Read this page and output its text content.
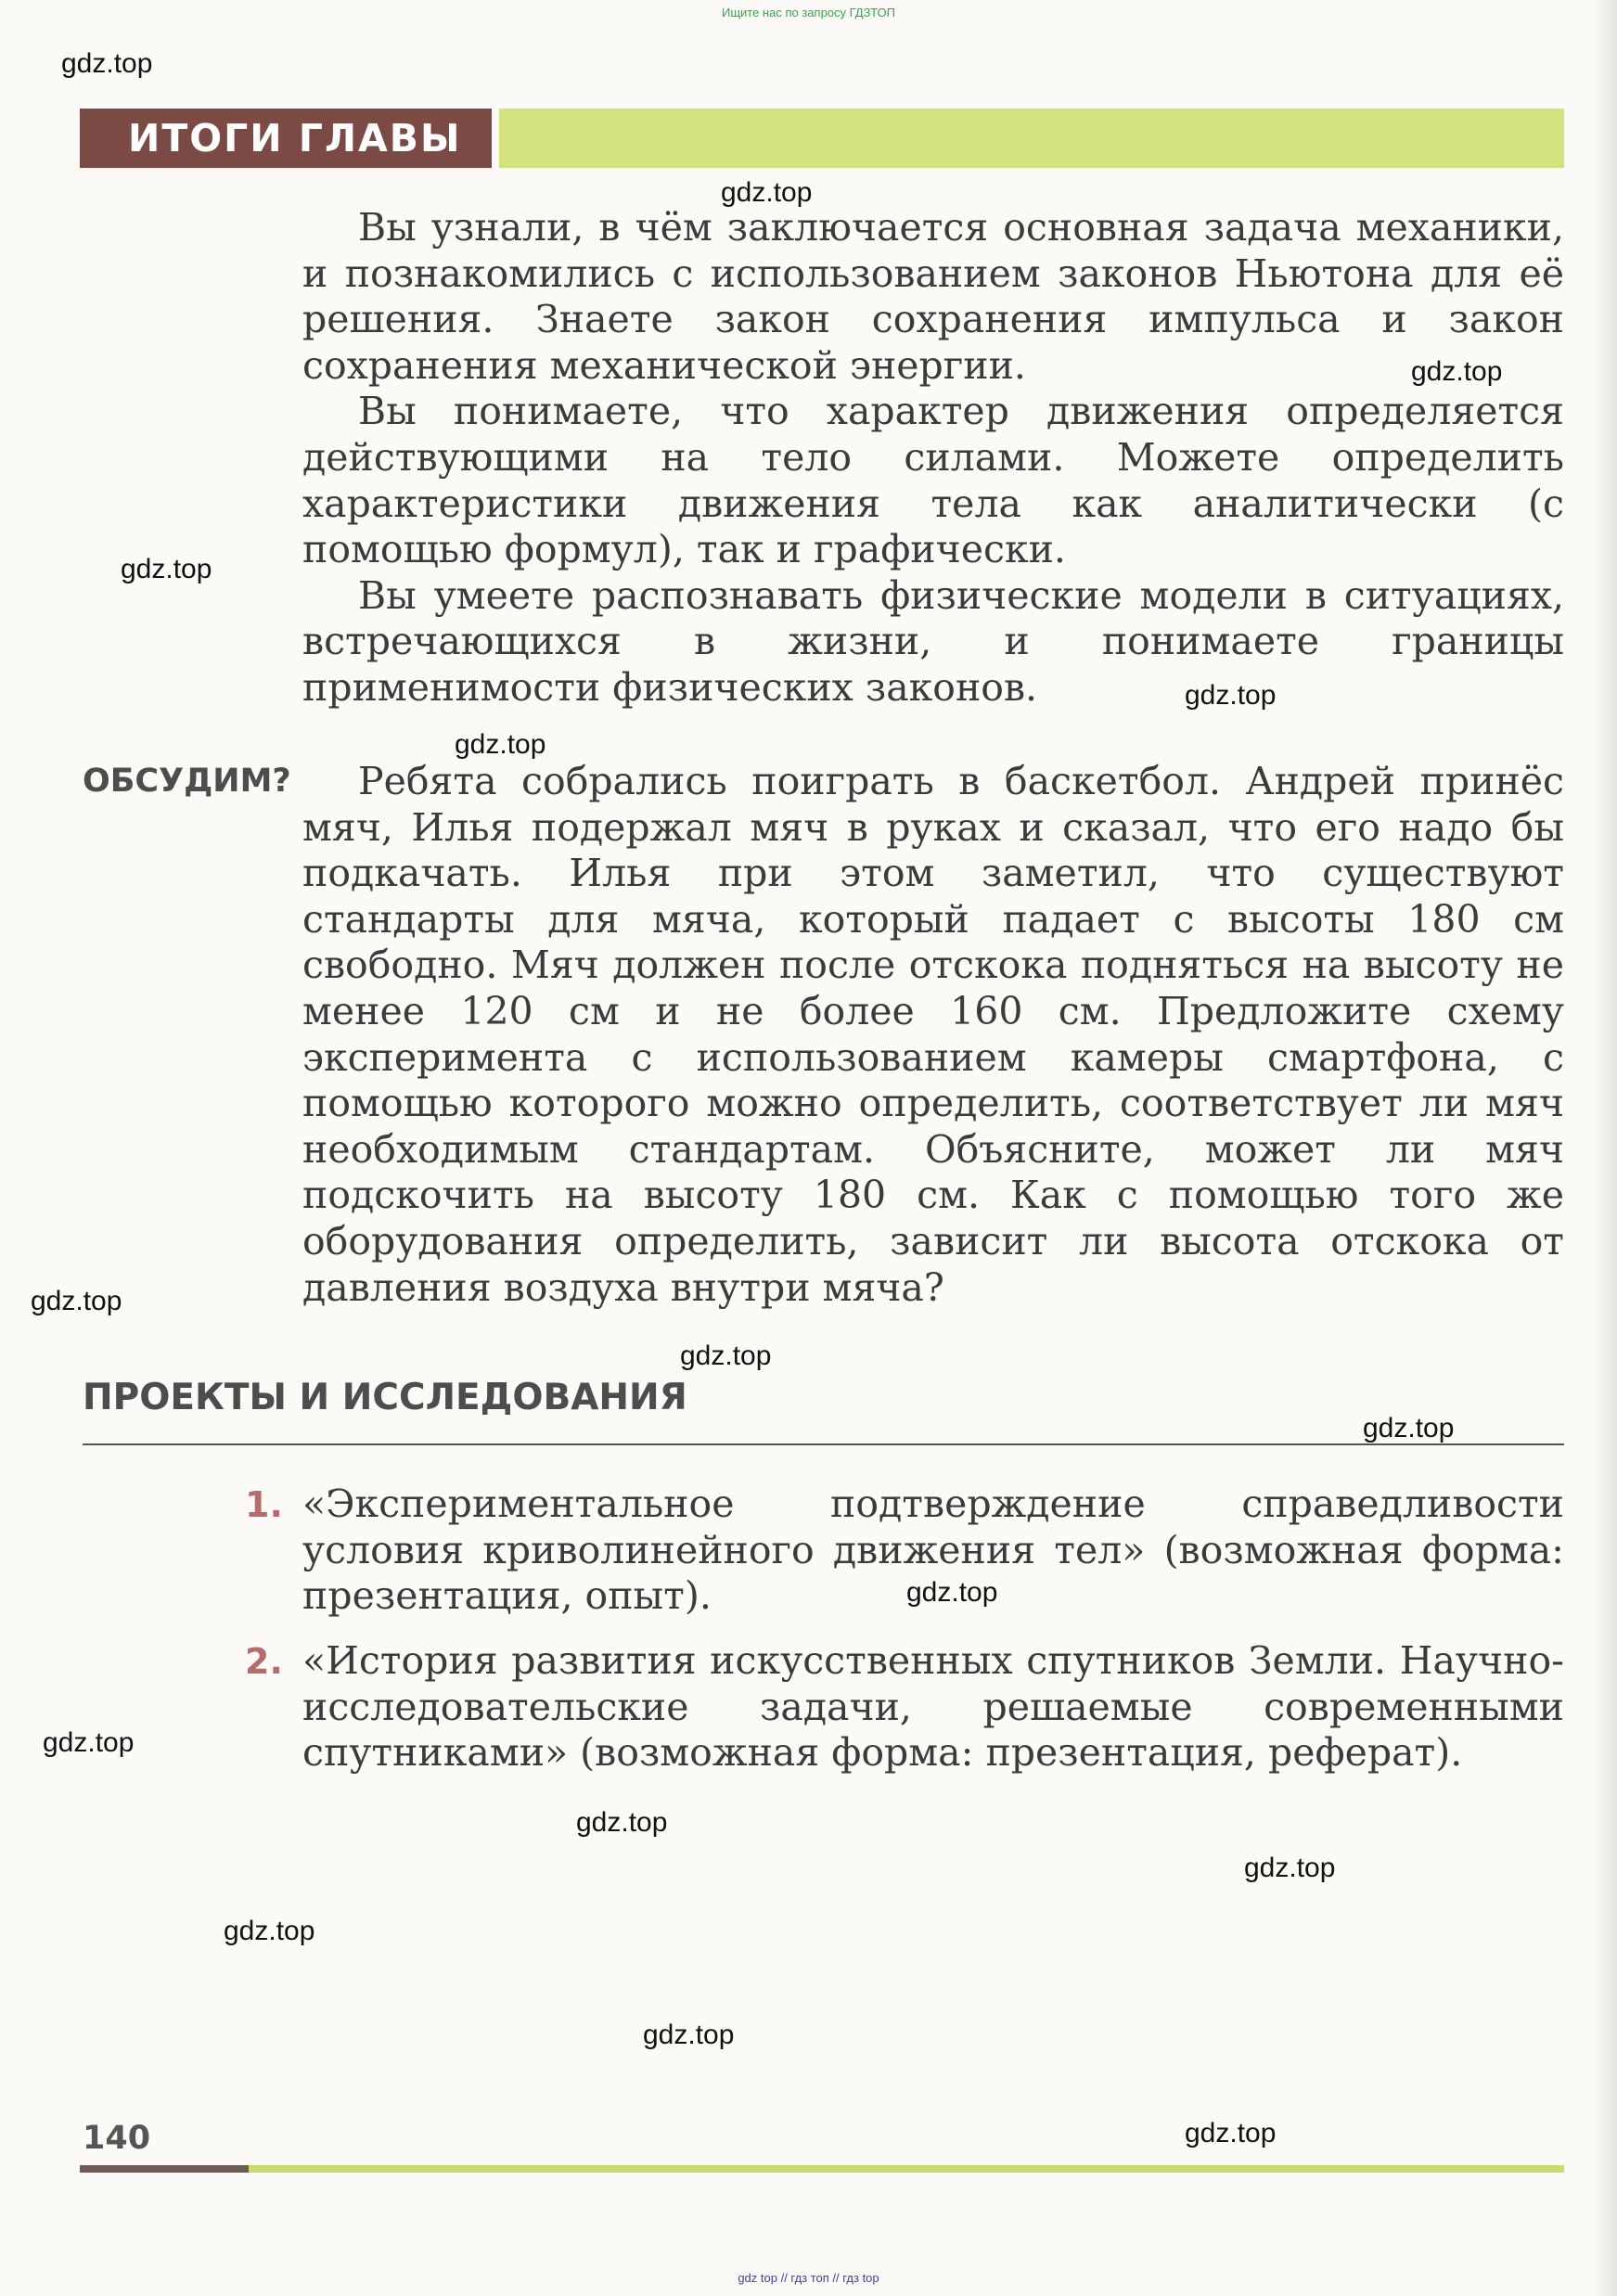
Ищите нас по запросу ГДЗТОП
ИТОГИ ГЛАВЫ

Вы узнали, в чём заключается основная задача механики, и познакомились с использованием законов Ньютона для её решения. Знаете закон сохранения импульса и закон сохранения механической энергии.

Вы понимаете, что характер движения определяется действующими на тело силами. Можете определить характеристики движения тела как аналитически (с помощью формул), так и графически.

Вы умеете распознавать физические модели в ситуациях, встречающихся в жизни, и понимаете границы применимости физических законов.

ОБСУДИМ?	Ребята собрались поиграть в баскетбол. Андрей принёс мяч, Илья подержал мяч в руках и сказал, что его надо бы подкачать. Илья при этом заметил, что существуют стандарты для мяча, который падает с высоты 180 см свободно. Мяч должен после отскока подняться на высоту не менее 120 см и не более 160 см. Предложите схему эксперимента с использованием камеры смартфона, с помощью которого можно определить, соответствует ли мяч необходимым стандартам. Объясните, может ли мяч подскочить на высоту 180 см. Как с помощью того же оборудования определить, зависит ли высота отскока от давления воздуха внутри мяча?

ПРОЕКТЫ И ИССЛЕДОВАНИЯ
1. «Экспериментальное подтверждение справедливости условия криволинейного движения тел» (возможная форма: презентация, опыт).
2. «История развития искусственных спутников Земли. Научно-исследовательские задачи, решаемые современными спутниками» (возможная форма: презентация, реферат).
140
gdz.top
gdz.top
gdz.top
gdz.top
gdz.top
gdz.top
gdz.top
gdz.top
gdz.top
gdz.top
gdz.top
gdz.top
gdz.top
gdz.top
gdz.top
gdz.top
gdz top // гдз топ // гдз top
